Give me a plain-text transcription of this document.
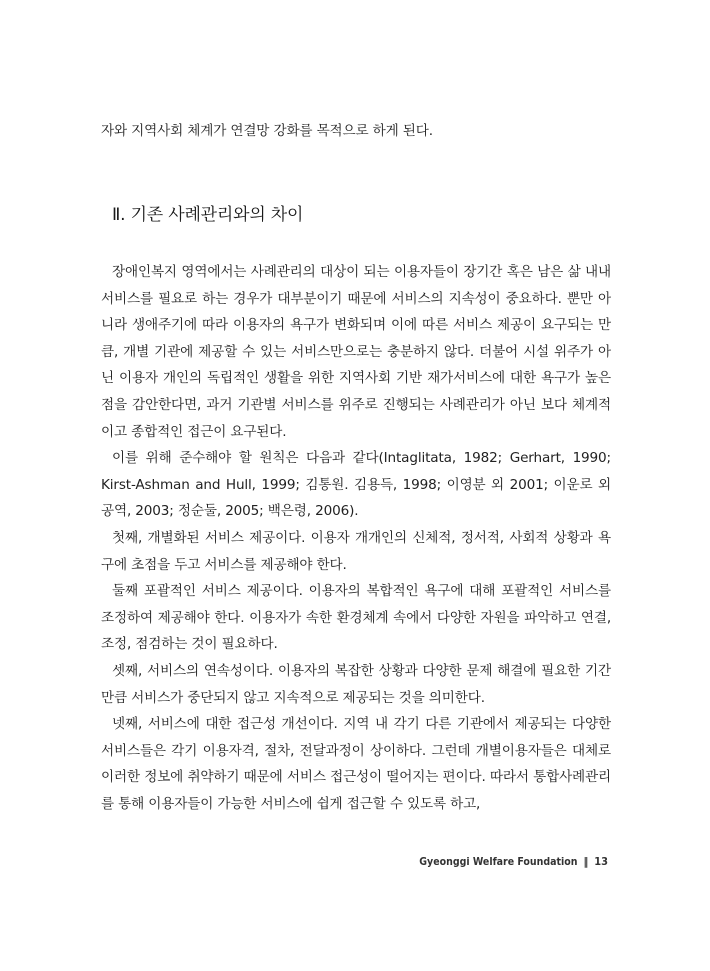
자와 지역사회 체계가 연결망 강화를 목적으로 하게 된다.

Ⅱ. 기존 사례관리와의 차이

장애인복지 영역에서는 사례관리의 대상이 되는 이용자들이 장기간 혹은 남은 삶 내내 서비스를 필요로 하는 경우가 대부분이기 때문에 서비스의 지속성이 중요하다. 뿐만 아니라 생애주기에 따라 이용자의 욕구가 변화되며 이에 따른 서비스 제공이 요구되는 만큼, 개별 기관에 제공할 수 있는 서비스만으로는 충분하지 않다. 더불어 시설 위주가 아닌 이용자 개인의 독립적인 생활을 위한 지역사회 기반 재가서비스에 대한 욕구가 높은 점을 감안한다면, 과거 기관별 서비스를 위주로 진행되는 사례관리가 아닌 보다 체계적이고 종합적인 접근이 요구된다.

이를 위해 준수해야 할 원칙은 다음과 같다(Intaglitata, 1982; Gerhart, 1990; Kirst-Ashman and Hull, 1999; 김통원. 김용득, 1998; 이영분 외 2001; 이운로 외 공역, 2003; 정순둘, 2005; 백은령, 2006).

첫째, 개별화된 서비스 제공이다. 이용자 개개인의 신체적, 정서적, 사회적 상황과 욕구에 초점을 두고 서비스를 제공해야 한다.

둘째 포괄적인 서비스 제공이다. 이용자의 복합적인 욕구에 대해 포괄적인 서비스를 조정하여 제공해야 한다. 이용자가 속한 환경체계 속에서 다양한 자원을 파악하고 연결, 조정, 점검하는 것이 필요하다.

셋째, 서비스의 연속성이다. 이용자의 복잡한 상황과 다양한 문제 해결에 필요한 기간만큼 서비스가 중단되지 않고 지속적으로 제공되는 것을 의미한다.

넷째, 서비스에 대한 접근성 개선이다. 지역 내 각기 다른 기관에서 제공되는 다양한 서비스들은 각기 이용자격, 절차, 전달과정이 상이하다. 그런데 개별이용자들은 대체로 이러한 정보에 취약하기 때문에 서비스 접근성이 떨어지는 편이다. 따라서 통합사례관리를 통해 이용자들이 가능한 서비스에 쉽게 접근할 수 있도록 하고,

Gyeonggi Welfare Foundation ‖ 13
